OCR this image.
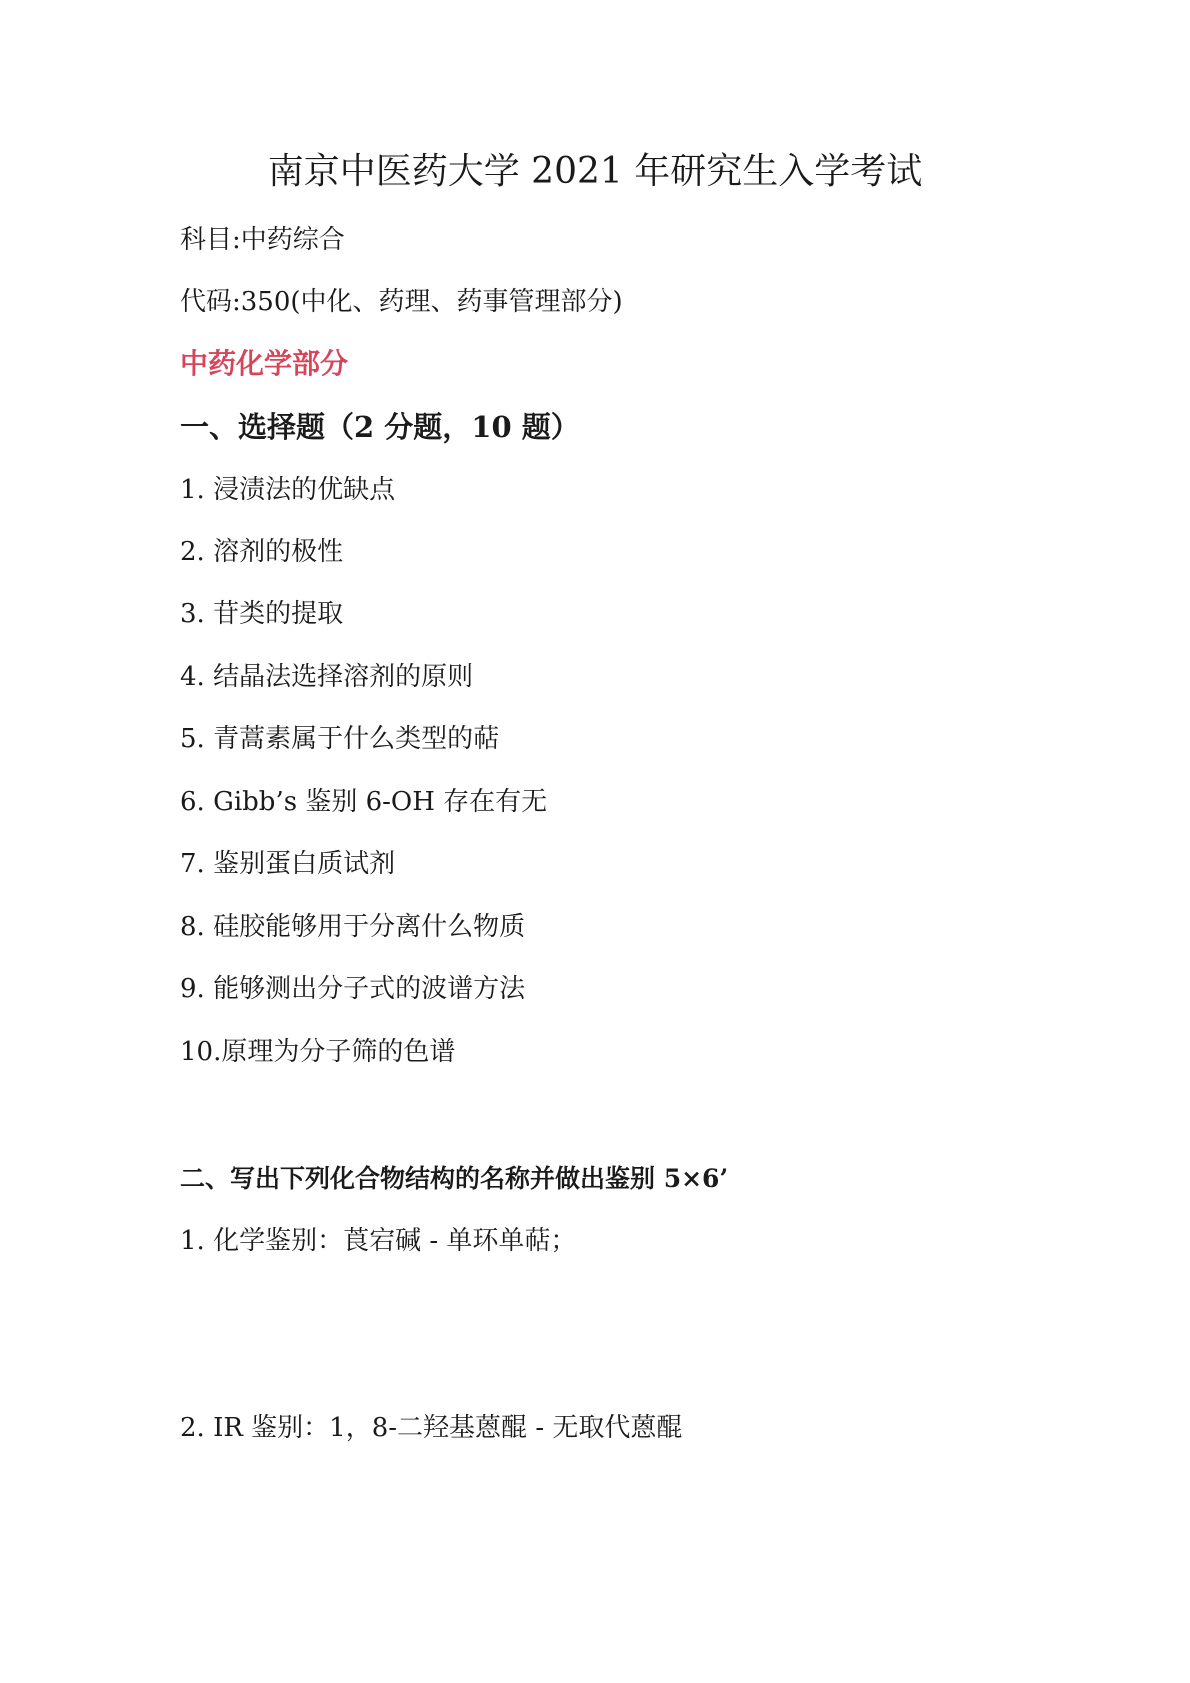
南京中医药大学 2021 年研究生入学考试
科目:中药综合
代码:350(中化、药理、药事管理部分)
中药化学部分
一、选择题（2 分题，10 题）
1. 浸渍法的优缺点
2. 溶剂的极性
3. 苷类的提取
4. 结晶法选择溶剂的原则
5. 青蒿素属于什么类型的萜
6. Gibb’s 鉴别 6-OH 存在有无
7. 鉴别蛋白质试剂
8. 硅胶能够用于分离什么物质
9. 能够测出分子式的波谱方法
10.原理为分子筛的色谱
二、写出下列化合物结构的名称并做出鉴别 5×6’
1. 化学鉴别：莨宕碱 - 单环单萜；
2. IR 鉴别：1，8-二羟基蒽醌 - 无取代蒽醌
